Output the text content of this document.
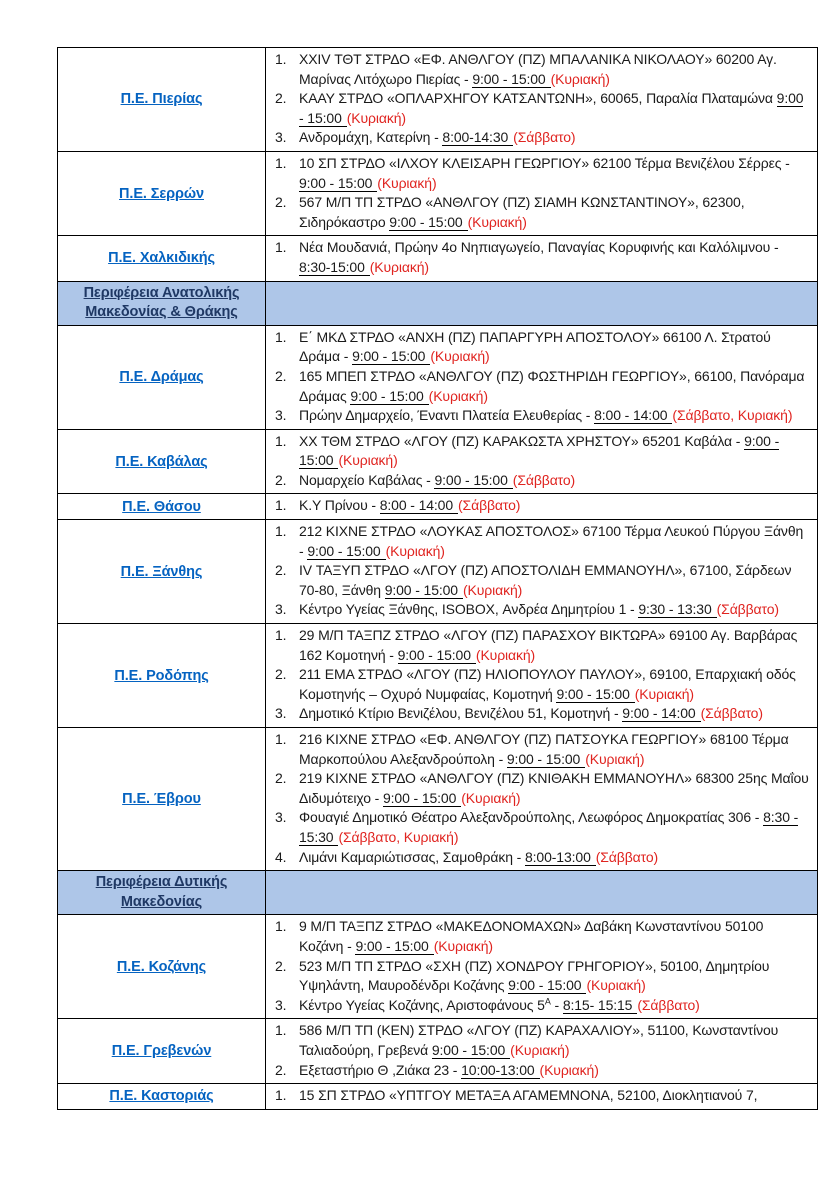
Π.Ε. Πιερίας	
1. XXIV ΤΘΤ ΣΤΡΔΟ «ΕΦ. ΑΝΘΛΓΟΥ (ΠΖ) ΜΠΑΛΑΝΙΚΑ ΝΙΚΟΛΑΟΥ» 60200 Αγ. Μαρίνας Λιτόχωρο Πιερίας - 9:00 - 15:00 (Κυριακή)
2. ΚΑΑΥ ΣΤΡΔΟ «ΟΠΛΑΡΧΗΓΟΥ ΚΑΤΣΑΝΤΩΝΗ», 60065, Παραλία Πλαταμώνα 9:00 - 15:00 (Κυριακή)
3. Ανδρομάχη, Κατερίνη - 8:00-14:30 (Σάββατο)

Π.Ε. Σερρών	1. 10 ΣΠ ΣΤΡΔΟ «ΙΛΧΟΥ ΚΛΕΙΣΑΡΗ ΓΕΩΡΓΙΟΥ» 62100 Τέρμα Βενιζέλου Σέρρες - 9:00 - 15:00 (Κυριακή)
2. 567 Μ/Π ΤΠ ΣΤΡΔΟ «ΑΝΘΛΓΟΥ (ΠΖ) ΣΙΑΜΗ ΚΩΝΣΤΑΝΤΙΝΟΥ», 62300, Σιδηρόκαστρο 9:00 - 15:00 (Κυριακή)

Π.Ε. Χαλκιδικής	1. Νέα Μουδανιά, Πρώην 4ο Νηπιαγωγείο, Παναγίας Κορυφινής και Καλόλιμνου - 8:30-15:00 (Κυριακή)

Περιφέρεια Ανατολικής Μακεδονίας & Θράκης	
Π.Ε. Δράμας	
1. Ε΄ ΜΚΔ ΣΤΡΔΟ «ΑΝΧΗ (ΠΖ) ΠΑΠΑΡΓΥΡΗ ΑΠΟΣΤΟΛΟΥ» 66100 Λ. Στρατού Δράμα - 9:00 - 15:00 (Κυριακή)
2. 165 ΜΠΕΠ ΣΤΡΔΟ «ΑΝΘΛΓΟΥ (ΠΖ) ΦΩΣΤΗΡΙΔΗ ΓΕΩΡΓΙΟΥ», 66100, Πανόραμα Δράμας 9:00 - 15:00 (Κυριακή)
3. Πρώην Δημαρχείο, Έναντι Πλατεία Ελευθερίας - 8:00 - 14:00 (Σάββατο, Κυριακή)

Π.Ε. Καβάλας	1. ΧΧ ΤΘΜ ΣΤΡΔΟ «ΛΓΟΥ (ΠΖ) ΚΑΡΑΚΩΣΤΑ ΧΡΗΣΤΟΥ» 65201 Καβάλα - 9:00 - 15:00 (Κυριακή)
2. Νομαρχείο Καβάλας - 9:00 - 15:00 (Σάββατο)

Π.Ε. Θάσου	1. Κ.Υ Πρίνου - 8:00 - 14:00 (Σάββατο)

Π.Ε. Ξάνθης	
1. 212 ΚΙΧΝΕ ΣΤΡΔΟ «ΛΟΥΚΑΣ ΑΠΟΣΤΟΛΟΣ» 67100 Τέρμα Λευκού Πύργου Ξάνθη - 9:00 - 15:00 (Κυριακή)
2. IV ΤΑΞΥΠ ΣΤΡΔΟ «ΛΓΟΥ (ΠΖ) ΑΠΟΣΤΟΛΙΔΗ ΕΜΜΑΝΟΥΗΛ», 67100, Σάρδεων 70-80, Ξάνθη 9:00 - 15:00 (Κυριακή)
3. Κέντρο Υγείας Ξάνθης, ISOBOX, Ανδρέα Δημητρίου 1 - 9:30 - 13:30 (Σάββατο)

Π.Ε. Ροδόπης	
1. 29 Μ/Π ΤΑΞΠΖ ΣΤΡΔΟ «ΛΓΟΥ (ΠΖ) ΠΑΡΑΣΧΟΥ ΒΙΚΤΩΡΑ» 69100 Αγ. Βαρβάρας 162 Κομοτηνή - 9:00 - 15:00 (Κυριακή)
2. 211 ΕΜΑ ΣΤΡΔΟ «ΛΓΟΥ (ΠΖ) ΗΛΙΟΠΟΥΛΟΥ ΠΑΥΛΟΥ», 69100, Επαρχιακή οδός Κομοτηνής – Οχυρό Νυμφαίας, Κομοτηνή 9:00 - 15:00 (Κυριακή)
3. Δημοτικό Κτίριο Βενιζέλου, Βενιζέλου 51, Κομοτηνή - 9:00 - 14:00 (Σάββατο)

Π.Ε. Έβρου	
1. 216 ΚΙΧΝΕ ΣΤΡΔΟ «ΕΦ. ΑΝΘΛΓΟΥ (ΠΖ) ΠΑΤΣΟΥΚΑ ΓΕΩΡΓΙΟΥ» 68100 Τέρμα Μαρκοπούλου Αλεξανδρούπολη - 9:00 - 15:00 (Κυριακή)
2. 219 ΚΙΧΝΕ ΣΤΡΔΟ «ΑΝΘΛΓΟΥ (ΠΖ) ΚΝΙΘΑΚΗ ΕΜΜΑΝΟΥΗΛ» 68300 25ης Μαΐου Διδυμότειχο - 9:00 - 15:00 (Κυριακή)
3. Φουαγιέ Δημοτικό Θέατρο Αλεξανδρούπολης, Λεωφόρος Δημοκρατίας 306 - 8:30 - 15:30 (Σάββατο, Κυριακή)
4. Λιμάνι Καμαριώτισσας, Σαμοθράκη - 8:00-13:00 (Σάββατο)

Περιφέρεια Δυτικής Μακεδονίας	
Π.Ε. Κοζάνης	
1. 9 Μ/Π ΤΑΞΠΖ ΣΤΡΔΟ «ΜΑΚΕΔΟΝΟΜΑΧΩΝ» Δαβάκη Κωνσταντίνου 50100 Κοζάνη - 9:00 - 15:00 (Κυριακή)
2. 523 Μ/Π ΤΠ ΣΤΡΔΟ «ΣΧΗ (ΠΖ) ΧΟΝΔΡΟΥ ΓΡΗΓΟΡΙΟΥ», 50100, Δημητρίου Υψηλάντη, Μαυροδένδρι Κοζάνης 9:00 - 15:00 (Κυριακή)
3. Κέντρο Υγείας Κοζάνης, Αριστοφάνους $5^A$ - 8:15- 15:15 (Σάββατο)

Π.Ε. Γρεβενών	1. 586 Μ/Π ΤΠ (ΚΕΝ) ΣΤΡΔΟ «ΛΓΟΥ (ΠΖ) ΚΑΡΑΧΑΛΙΟΥ», 51100, Κωνσταντίνου Ταλιαδούρη, Γρεβενά 9:00 - 15:00 (Κυριακή)
2. Εξεταστήριο Θ ,Ζιάκα 23 - 10:00-13:00 (Κυριακή)

Π.Ε. Καστοριάς	1. 15 ΣΠ ΣΤΡΔΟ «ΥΠΤΓΟΥ ΜΕΤΑΞΑ ΑΓΑΜΕΜΝΟΝΑ, 52100, Διοκλητιανού 7,
